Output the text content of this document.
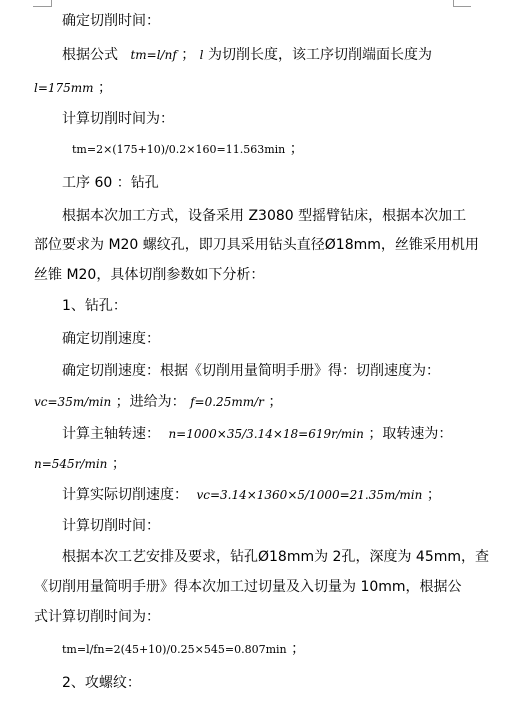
确定切削时间：
根据公式 tm=l/nf ； l 为切削长度，该工序切削端面长度为
l=175mm ；
计算切削时间为：
tm=2×(175+10)/0.2×160=11.563min ；
工序 60 ：钻孔
根据本次加工方式，设备采用 Z3080 型摇臂钻床，根据本次加工
部位要求为 M20 螺纹孔，即刀具采用钻头直径Ø18mm，丝锥采用机用
丝锥 M20，具体切削参数如下分析：
1、钻孔：
确定切削速度：
确定切削速度：根据《切削用量简明手册》得：切削速度为：
vc=35m/min ；进给为： f=0.25mm/r ；
计算主轴转速： n=1000×35/3.14×18=619r/min ；取转速为：
n=545r/min ；
计算实际切削速度： vc=3.14×1360×5/1000=21.35m/min ；
计算切削时间：
根据本次工艺安排及要求，钻孔Ø18mm为 2孔，深度为 45mm，查
《切削用量简明手册》得本次加工过切量及入切量为 10mm，根据公
式计算切削时间为：
tm=l/fn=2(45+10)/0.25×545=0.807min ；
2、攻螺纹：
